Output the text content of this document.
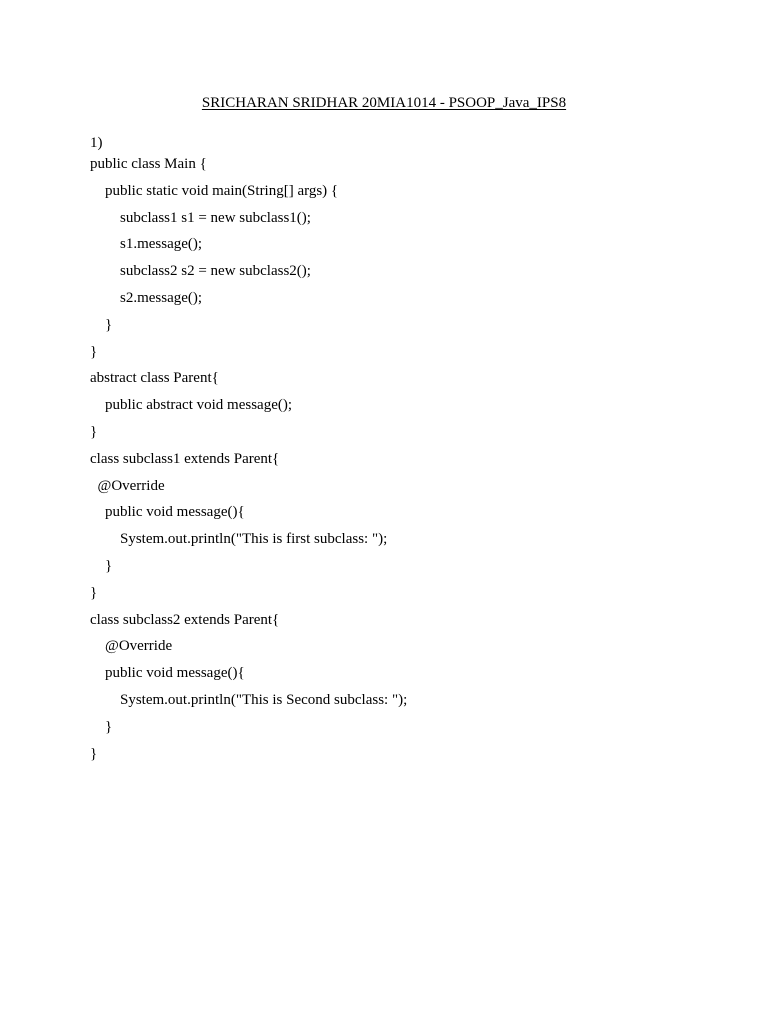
SRICHARAN SRIDHAR 20MIA1014 - PSOOP_Java_IPS8
1)
public class Main {
public static void main(String[] args) {
subclass1 s1 = new subclass1();
s1.message();
subclass2 s2 = new subclass2();
s2.message();
}
}
abstract class Parent{
public abstract void message();
}
class subclass1 extends Parent{
@Override
public void message(){
System.out.println("This is first subclass: ");
}
}
class subclass2 extends Parent{
@Override
public void message(){
System.out.println("This is Second subclass: ");
}
}
